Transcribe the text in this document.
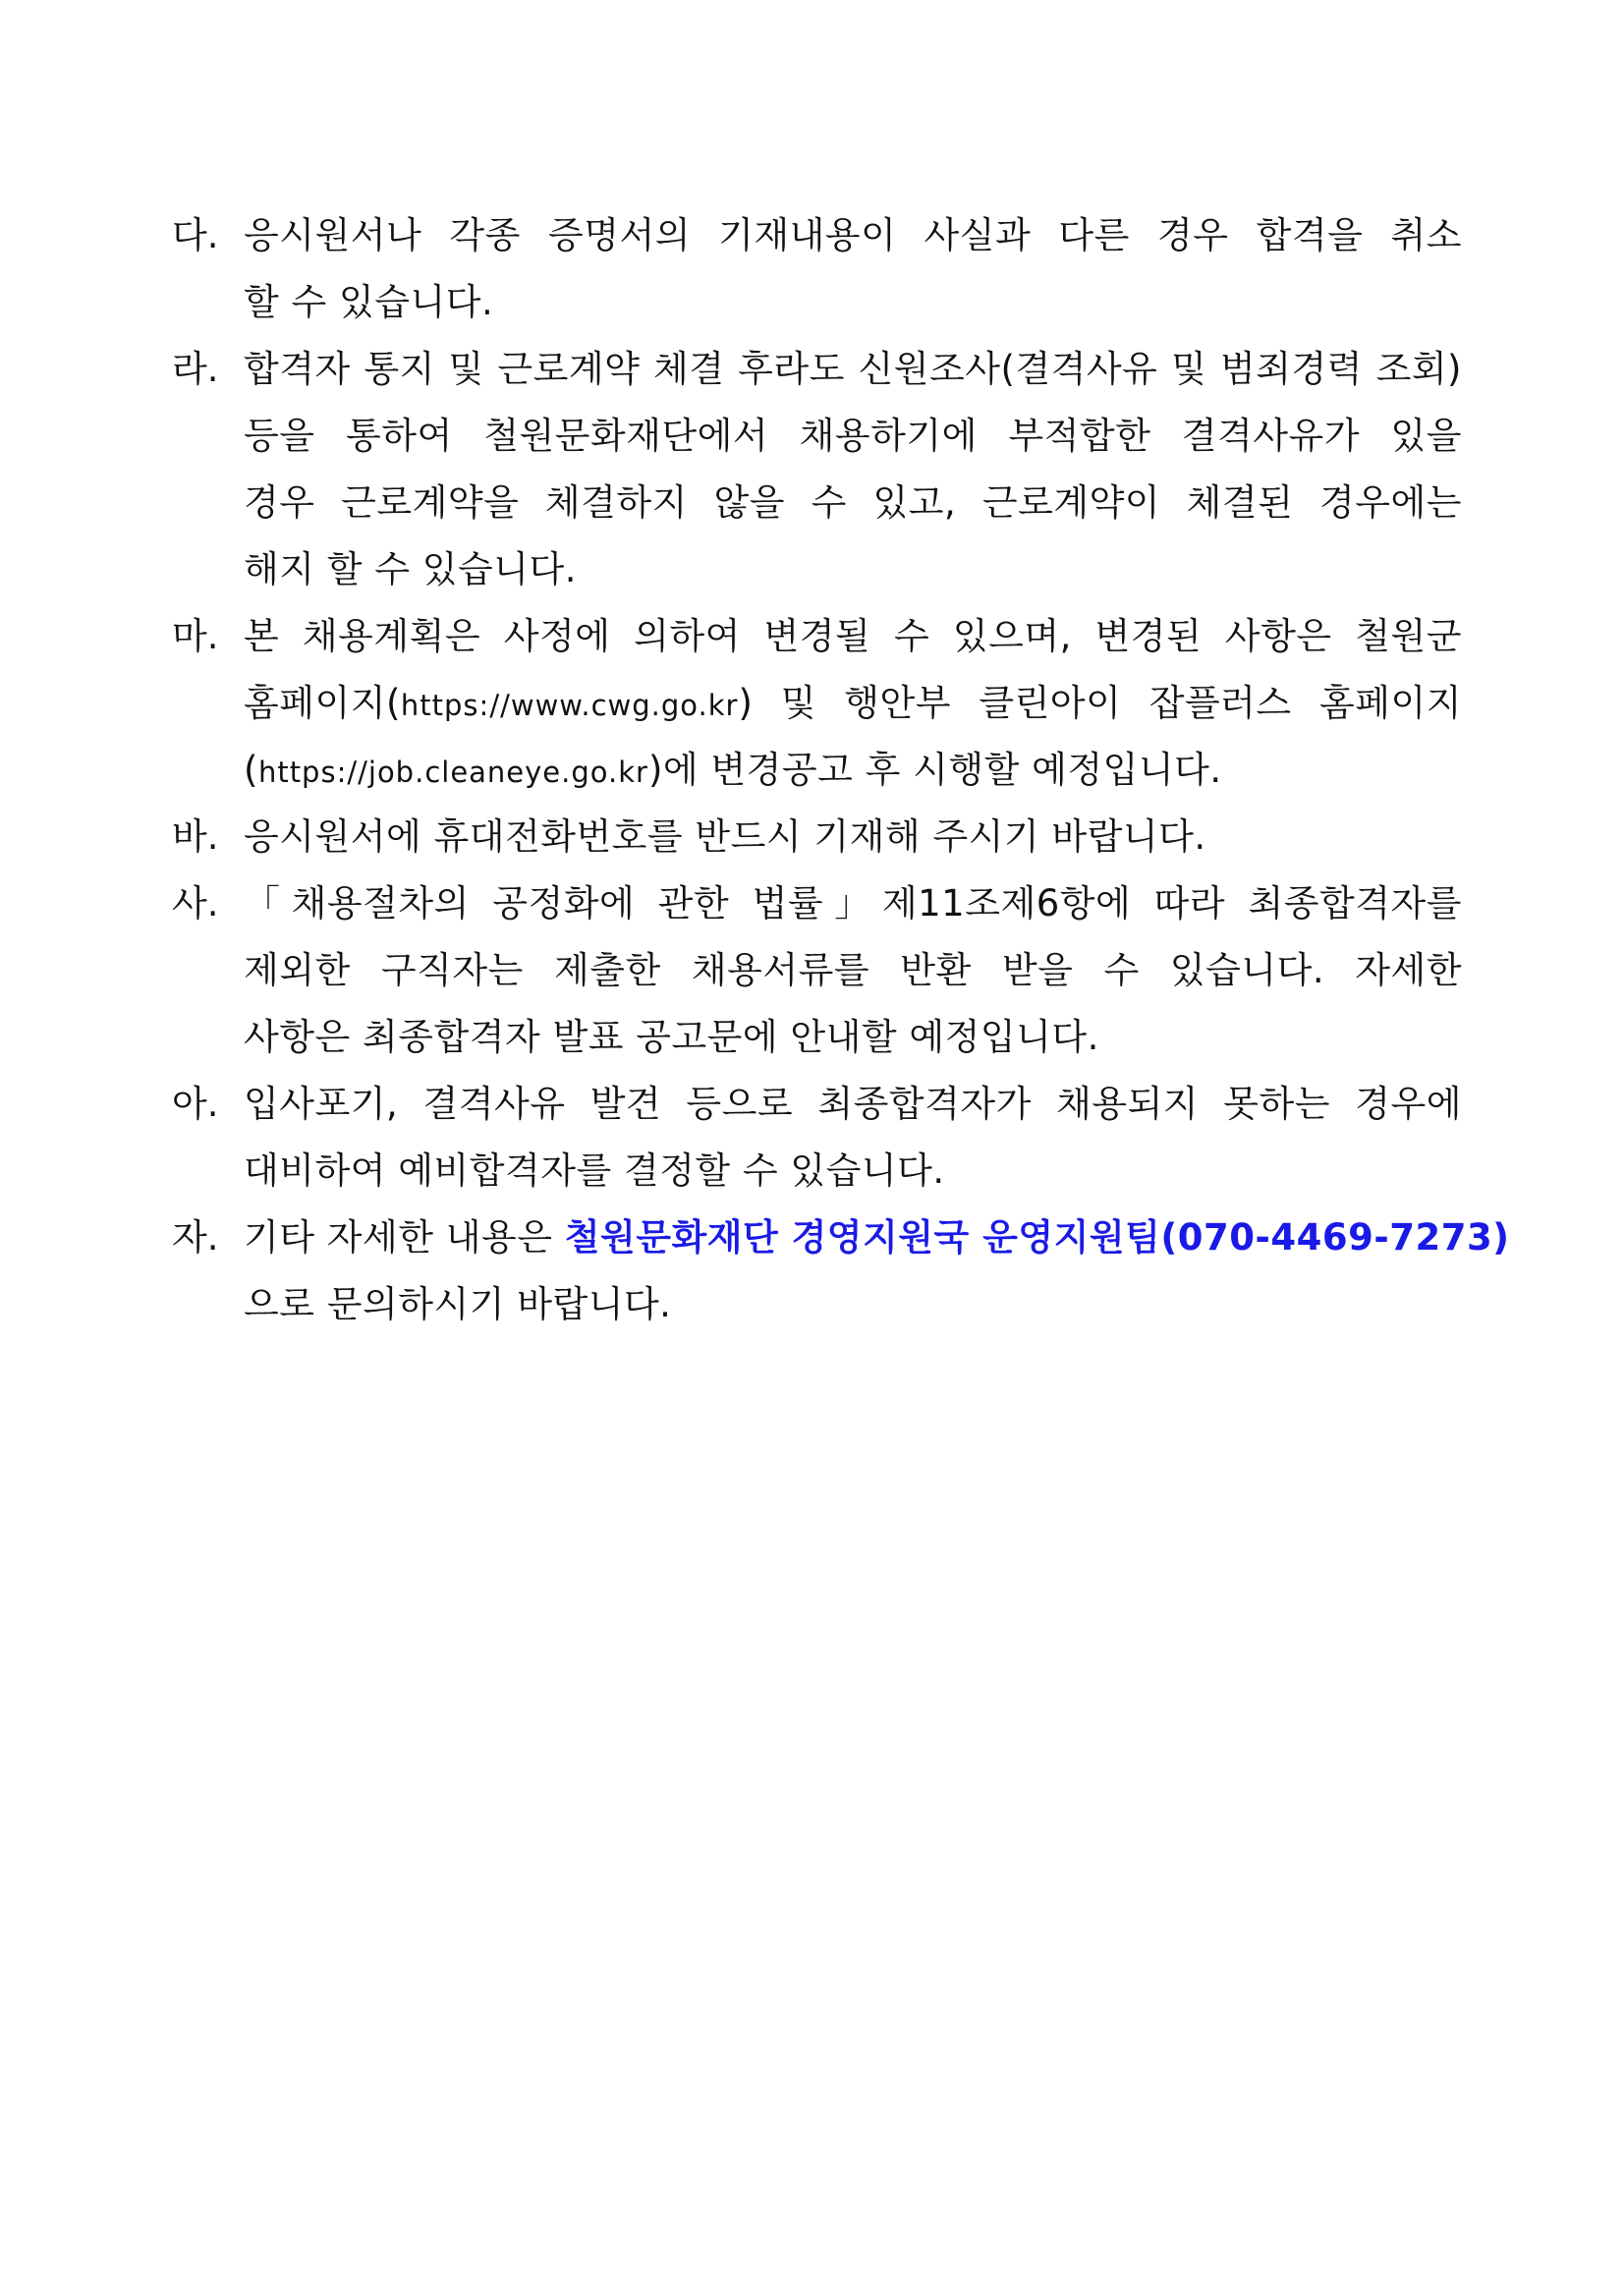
다. 응시원서나 각종 증명서의 기재내용이 사실과 다른 경우 합격을 취소
할 수 있습니다.
라. 합격자 통지 및 근로계약 체결 후라도 신원조사(결격사유 및 범죄경력 조회)
등을 통하여 철원문화재단에서 채용하기에 부적합한 결격사유가 있을
경우 근로계약을 체결하지 않을 수 있고, 근로계약이 체결된 경우에는
해지 할 수 있습니다.
마. 본 채용계획은 사정에 의하여 변경될 수 있으며, 변경된 사항은 철원군
홈페이지(https://www.cwg.go.kr) 및 행안부 클린아이 잡플러스 홈페이지
(https://job.cleaneye.go.kr)에 변경공고 후 시행할 예정입니다.
바. 응시원서에 휴대전화번호를 반드시 기재해 주시기 바랍니다.
사. 「채용절차의 공정화에 관한 법률」제11조제6항에 따라 최종합격자를
제외한 구직자는 제출한 채용서류를 반환 받을 수 있습니다. 자세한
사항은 최종합격자 발표 공고문에 안내할 예정입니다.
아. 입사포기, 결격사유 발견 등으로 최종합격자가 채용되지 못하는 경우에
대비하여 예비합격자를 결정할 수 있습니다.
자. 기타 자세한 내용은 철원문화재단 경영지원국 운영지원팀(070-4469-7273)
으로 문의하시기 바랍니다.
